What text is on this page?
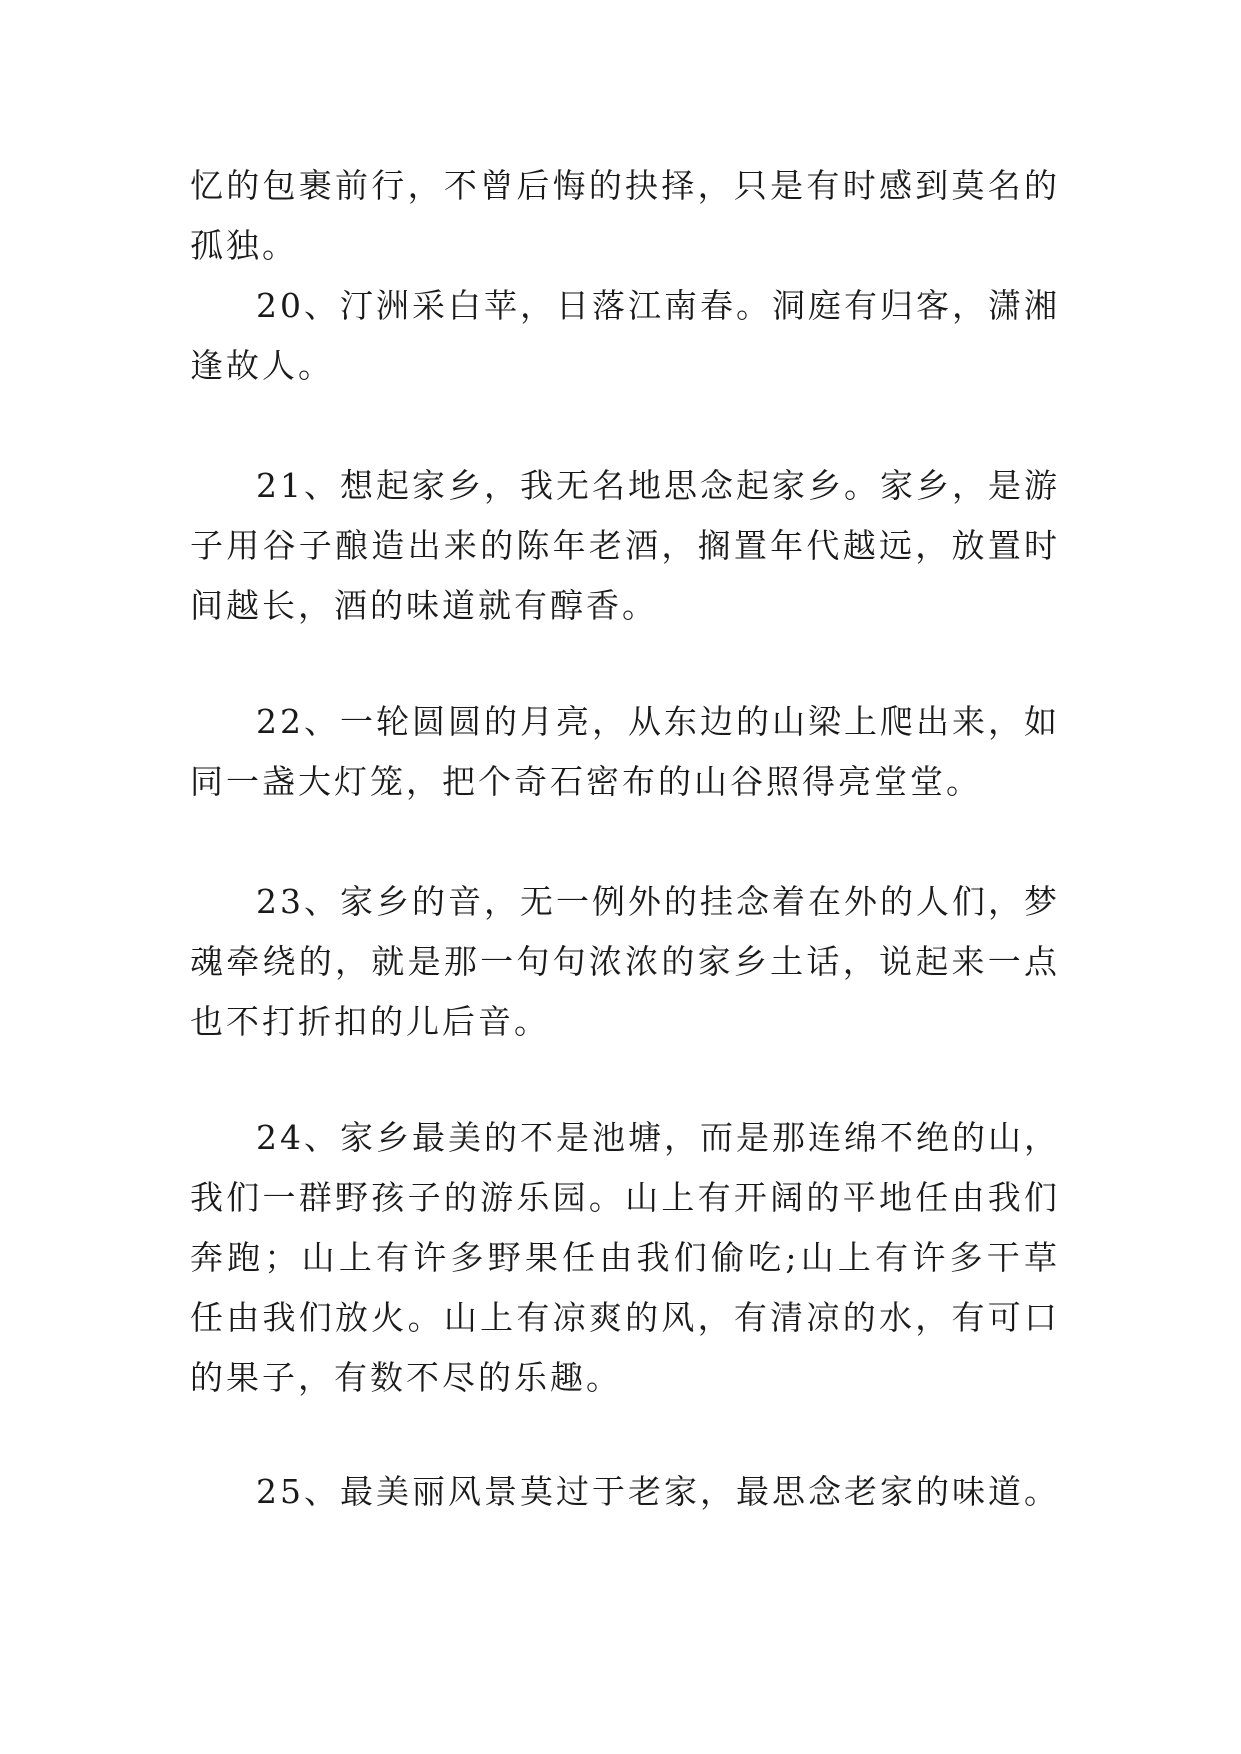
忆的包裹前行，不曾后悔的抉择，只是有时感到莫名的孤独。

20、汀洲采白苹，日落江南春。洞庭有归客，潇湘逢故人。

21、想起家乡，我无名地思念起家乡。家乡，是游子用谷子酿造出来的陈年老酒，搁置年代越远，放置时间越长，酒的味道就有醇香。

22、一轮圆圆的月亮，从东边的山梁上爬出来，如同一盏大灯笼，把个奇石密布的山谷照得亮堂堂。

23、家乡的音，无一例外的挂念着在外的人们，梦魂牵绕的，就是那一句句浓浓的家乡土话，说起来一点也不打折扣的儿后音。

24、家乡最美的不是池塘，而是那连绵不绝的山，我们一群野孩子的游乐园。山上有开阔的平地任由我们奔跑；山上有许多野果任由我们偷吃;山上有许多干草任由我们放火。山上有凉爽的风，有清凉的水，有可口的果子，有数不尽的乐趣。

25、最美丽风景莫过于老家，最思念老家的味道。
